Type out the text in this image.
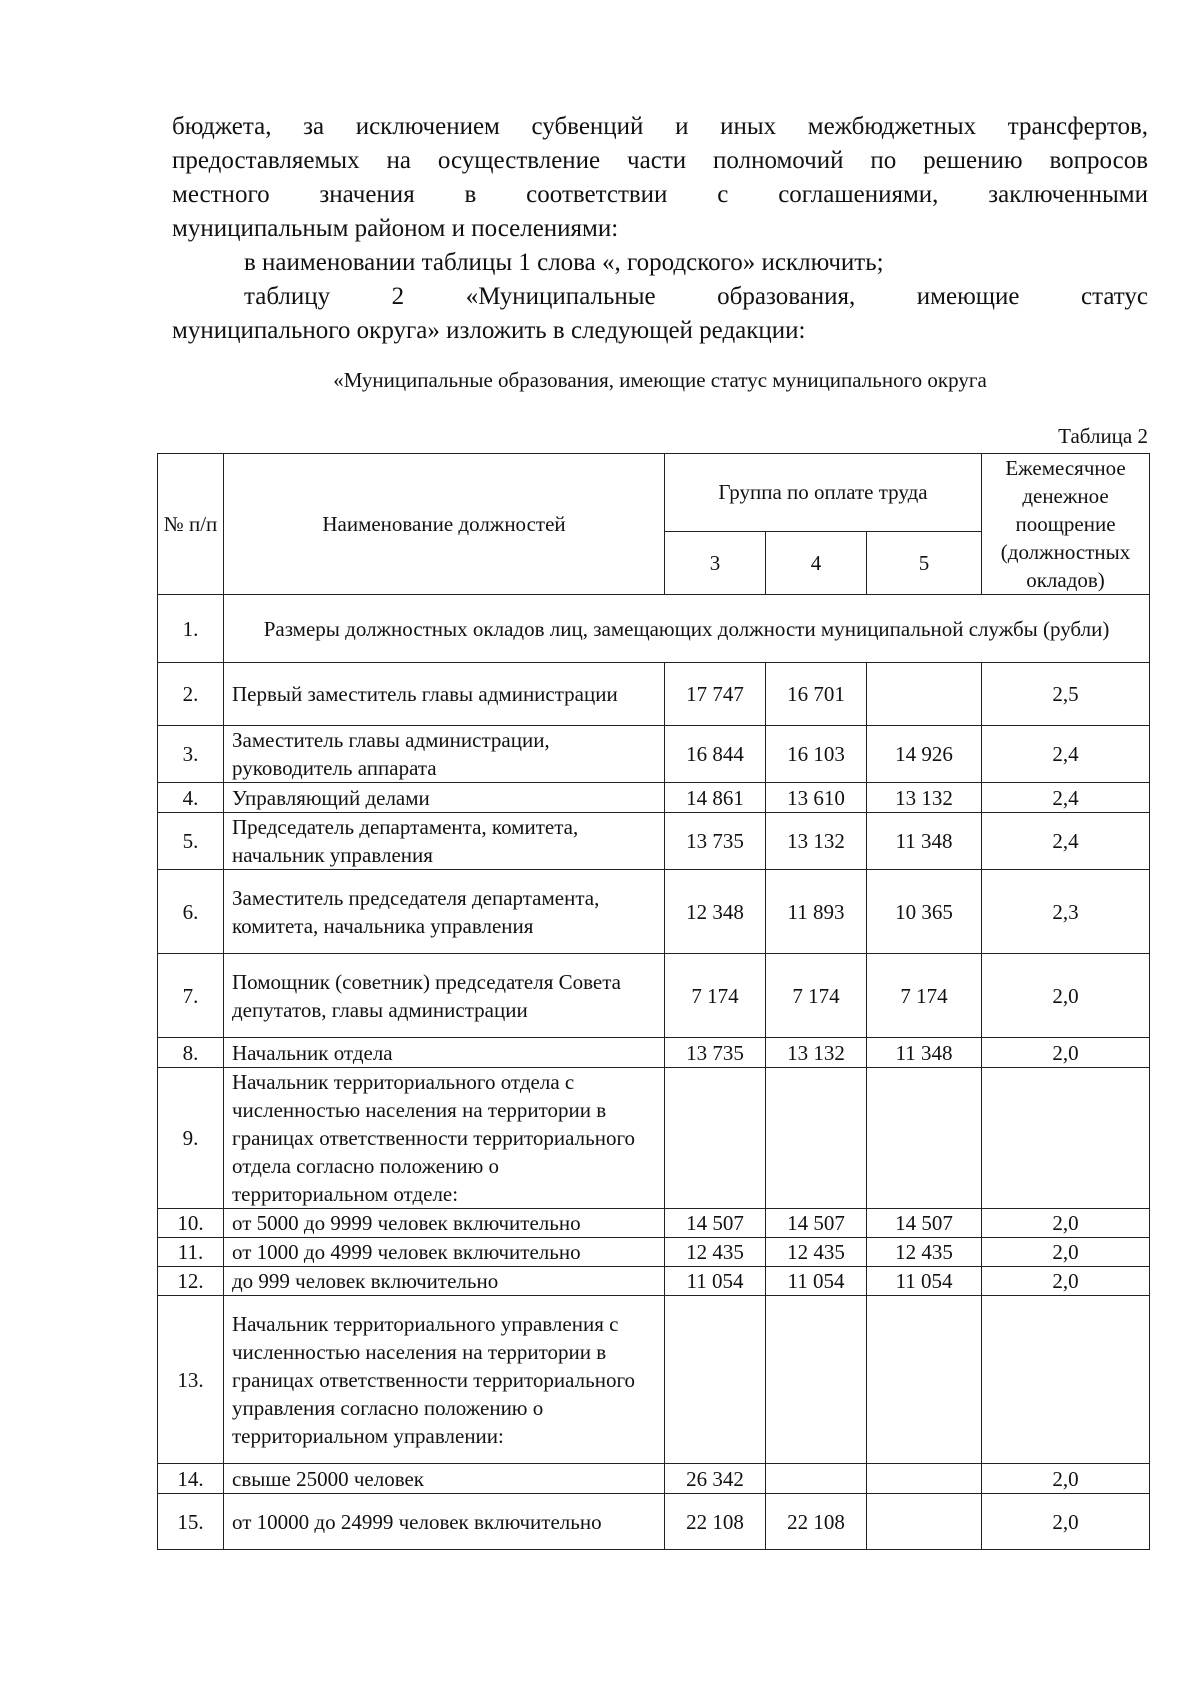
бюджета, за исключением субвенций и иных межбюджетных трансфертов,

предоставляемых на осуществление части полномочий по решению вопросов

местного значения в соответствии с соглашениями, заключенными

муниципальным районом и поселениями:

в наименовании таблицы 1 слова «, городского» исключить;

таблицу 2 «Муниципальные образования, имеющие статус

муниципального округа» изложить в следующей редакции:

«Муниципальные образования, имеющие статус муниципального округа
Таблица 2
№ п/п	Наименование должностей	Группа по оплате труда			Ежемесячное денежное поощрение (должностных окладов)
		3	4	5	
1.	Размеры должностных окладов лиц, замещающих должности муниципальной службы (рубли)				
2.	Первый заместитель главы администрации	17 747	16 701		2,5
3.	Заместитель главы администрации, руководитель аппарата	16 844	16 103	14 926	2,4
4.	Управляющий делами	14 861	13 610	13 132	2,4
5.	Председатель департамента, комитета, начальник управления	13 735	13 132	11 348	2,4
6.	Заместитель председателя департамента, комитета, начальника управления	12 348	11 893	10 365	2,3
7.	Помощник (советник) председателя Совета депутатов, главы администрации	7 174	7 174	7 174	2,0
8.	Начальник отдела	13 735	13 132	11 348	2,0
9.	Начальник территориального отдела с численностью населения на территории в границах ответственности территориального отдела согласно положению о территориальном отделе:				
10.	от 5000 до 9999 человек включительно	14 507	14 507	14 507	2,0
11.	от 1000 до 4999 человек включительно	12 435	12 435	12 435	2,0
12.	до 999 человек включительно	11 054	11 054	11 054	2,0
13.	Начальник территориального управления с численностью населения на территории в границах ответственности территориального управления согласно положению о территориальном управлении:				
14.	свыше 25000 человек	26 342			2,0
15.	от 10000 до 24999 человек включительно	22 108	22 108		2,0
